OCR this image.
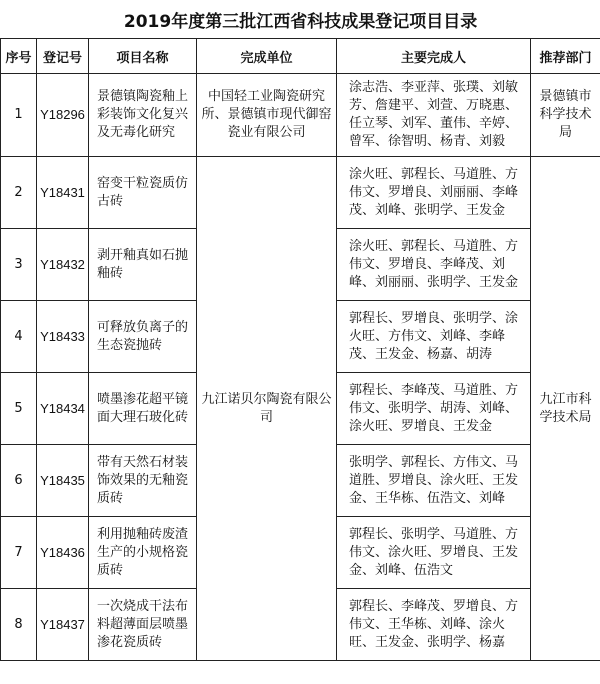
2019年度第三批江西省科技成果登记项目目录					
序号	登记号	项目名称	完成单位	主要完成人	推荐部门
1	Y18296	景德镇陶瓷釉上彩装饰文化复兴及无毒化研究	中国轻工业陶瓷研究所、景德镇市现代御窑瓷业有限公司	涂志浩、李亚萍、张璞、刘敏芳、詹建平、刘萱、万晓惠、任立琴、刘军、董伟、辛婷、曾军、徐智明、杨青、刘毅	景德镇市科学技术局
2	Y18431	窑变干粒瓷质仿古砖	九江诺贝尔陶瓷有限公司	涂火旺、郭程长、马道胜、方伟文、罗增良、刘丽丽、李峰茂、刘峰、张明学、王发金	九江市科学技术局
3	Y18432	剥开釉真如石抛釉砖		涂火旺、郭程长、马道胜、方伟文、罗增良、李峰茂、刘峰、刘丽丽、张明学、王发金	
4	Y18433	可释放负离子的生态瓷抛砖		郭程长、罗增良、张明学、涂火旺、方伟文、刘峰、李峰茂、王发金、杨嘉、胡涛	
5	Y18434	喷墨渗花超平镜面大理石玻化砖		郭程长、李峰茂、马道胜、方伟文、张明学、胡涛、刘峰、涂火旺、罗增良、王发金	
6	Y18435	带有天然石材装饰效果的无釉瓷质砖		张明学、郭程长、方伟文、马道胜、罗增良、涂火旺、王发金、王华栋、伍浩文、刘峰	
7	Y18436	利用抛釉砖废渣生产的小规格瓷质砖		郭程长、张明学、马道胜、方伟文、涂火旺、罗增良、王发金、刘峰、伍浩文	
8	Y18437	一次烧成干法布料超薄面层喷墨渗花瓷质砖		郭程长、李峰茂、罗增良、方伟文、王华栋、刘峰、涂火旺、王发金、张明学、杨嘉	
